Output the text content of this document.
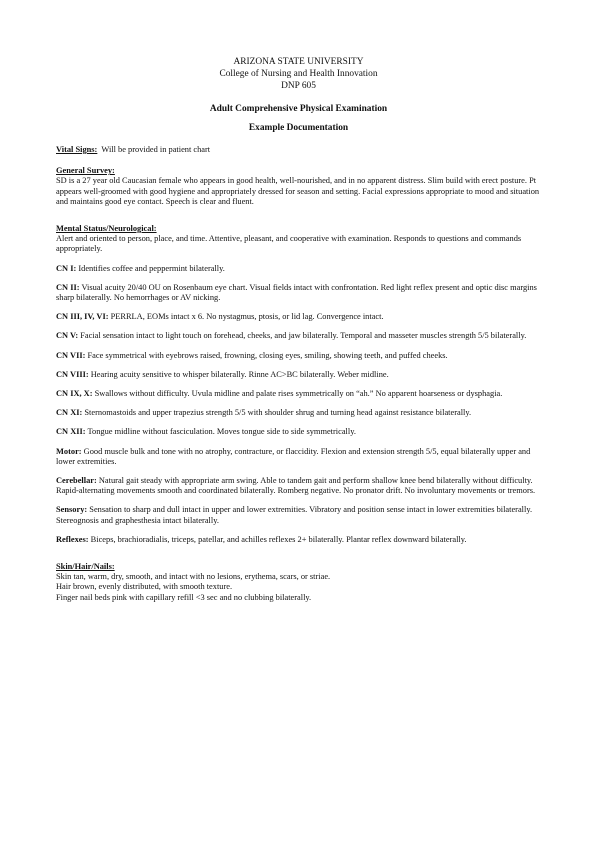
ARIZONA STATE UNIVERSITY
College of Nursing and Health Innovation
DNP 605
Adult Comprehensive Physical Examination
Example Documentation
Vital Signs: Will be provided in patient chart
General Survey:
SD is a 27 year old Caucasian female who appears in good health, well-nourished, and in no apparent distress. Slim build with erect posture. Pt appears well-groomed with good hygiene and appropriately dressed for season and setting. Facial expressions appropriate to mood and situation and maintains good eye contact. Speech is clear and fluent.
Mental Status/Neurological:
Alert and oriented to person, place, and time. Attentive, pleasant, and cooperative with examination. Responds to questions and commands appropriately.
CN I: Identifies coffee and peppermint bilaterally.
CN II: Visual acuity 20/40 OU on Rosenbaum eye chart. Visual fields intact with confrontation. Red light reflex present and optic disc margins sharp bilaterally. No hemorrhages or AV nicking.
CN III, IV, VI: PERRLA, EOMs intact x 6. No nystagmus, ptosis, or lid lag. Convergence intact.
CN V: Facial sensation intact to light touch on forehead, cheeks, and jaw bilaterally. Temporal and masseter muscles strength 5/5 bilaterally.
CN VII: Face symmetrical with eyebrows raised, frowning, closing eyes, smiling, showing teeth, and puffed cheeks.
CN VIII: Hearing acuity sensitive to whisper bilaterally. Rinne AC>BC bilaterally. Weber midline.
CN IX, X: Swallows without difficulty. Uvula midline and palate rises symmetrically on “ah.” No apparent hoarseness or dysphagia.
CN XI: Sternomastoids and upper trapezius strength 5/5 with shoulder shrug and turning head against resistance bilaterally.
CN XII: Tongue midline without fasciculation. Moves tongue side to side symmetrically.
Motor: Good muscle bulk and tone with no atrophy, contracture, or flaccidity. Flexion and extension strength 5/5, equal bilaterally upper and lower extremities.
Cerebellar: Natural gait steady with appropriate arm swing. Able to tandem gait and perform shallow knee bend bilaterally without difficulty. Rapid-alternating movements smooth and coordinated bilaterally. Romberg negative. No pronator drift. No involuntary movements or tremors.
Sensory: Sensation to sharp and dull intact in upper and lower extremities. Vibratory and position sense intact in lower extremities bilaterally. Stereognosis and graphesthesia intact bilaterally.
Reflexes: Biceps, brachioradialis, triceps, patellar, and achilles reflexes 2+ bilaterally. Plantar reflex downward bilaterally.
Skin/Hair/Nails:
Skin tan, warm, dry, smooth, and intact with no lesions, erythema, scars, or striae.
Hair brown, evenly distributed, with smooth texture.
Finger nail beds pink with capillary refill <3 sec and no clubbing bilaterally.
